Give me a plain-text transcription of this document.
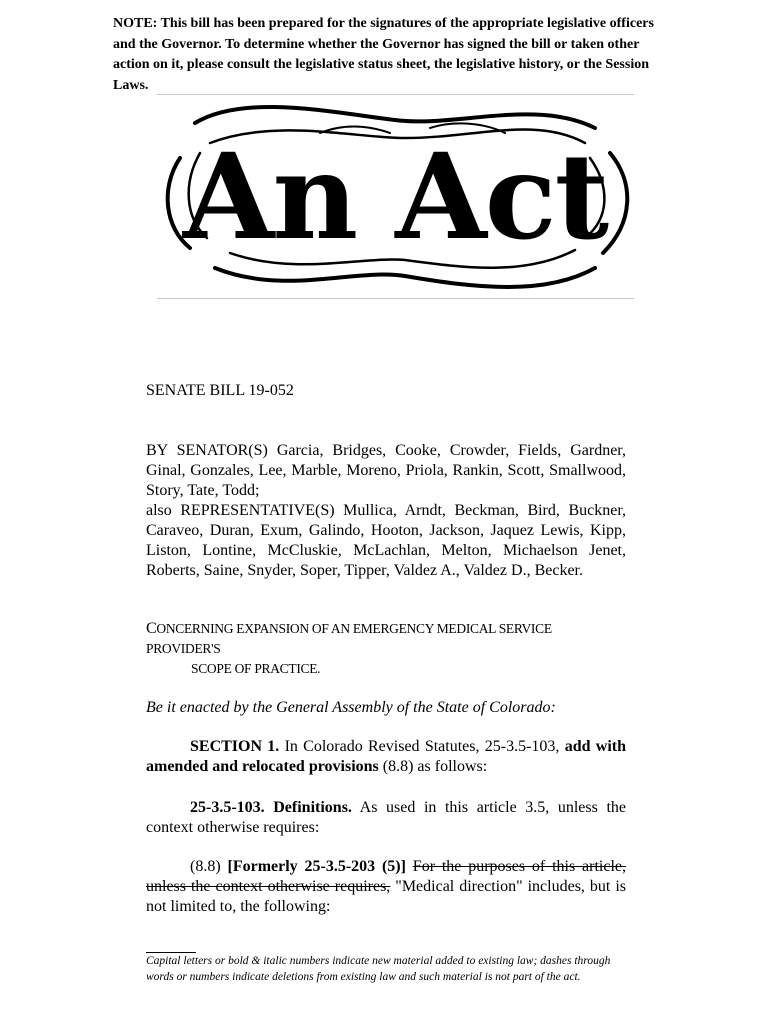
NOTE: This bill has been prepared for the signatures of the appropriate legislative officers and the Governor. To determine whether the Governor has signed the bill or taken other action on it, please consult the legislative status sheet, the legislative history, or the Session Laws.
An Act
SENATE BILL 19-052

BY SENATOR(S) Garcia, Bridges, Cooke, Crowder, Fields, Gardner, Ginal, Gonzales, Lee, Marble, Moreno, Priola, Rankin, Scott, Smallwood, Story, Tate, Todd;

also REPRESENTATIVE(S) Mullica, Arndt, Beckman, Bird, Buckner, Caraveo, Duran, Exum, Galindo, Hooton, Jackson, Jaquez Lewis, Kipp, Liston, Lontine, McCluskie, McLachlan, Melton, Michaelson Jenet, Roberts, Saine, Snyder, Soper, Tipper, Valdez A., Valdez D., Becker.

CONCERNING EXPANSION OF AN EMERGENCY MEDICAL SERVICE PROVIDER'S
SCOPE OF PRACTICE.
Be it enacted by the General Assembly of the State of Colorado:
SECTION 1. In Colorado Revised Statutes, 25-3.5-103, add with amended and relocated provisions (8.8) as follows:
25-3.5-103. Definitions. As used in this article 3.5, unless the context otherwise requires:
(8.8) [Formerly 25-3.5-203 (5)] For the purposes of this article, unless the context otherwise requires, "Medical direction" includes, but is not limited to, the following:
Capital letters or bold & italic numbers indicate new material added to existing law; dashes through words or numbers indicate deletions from existing law and such material is not part of the act.
